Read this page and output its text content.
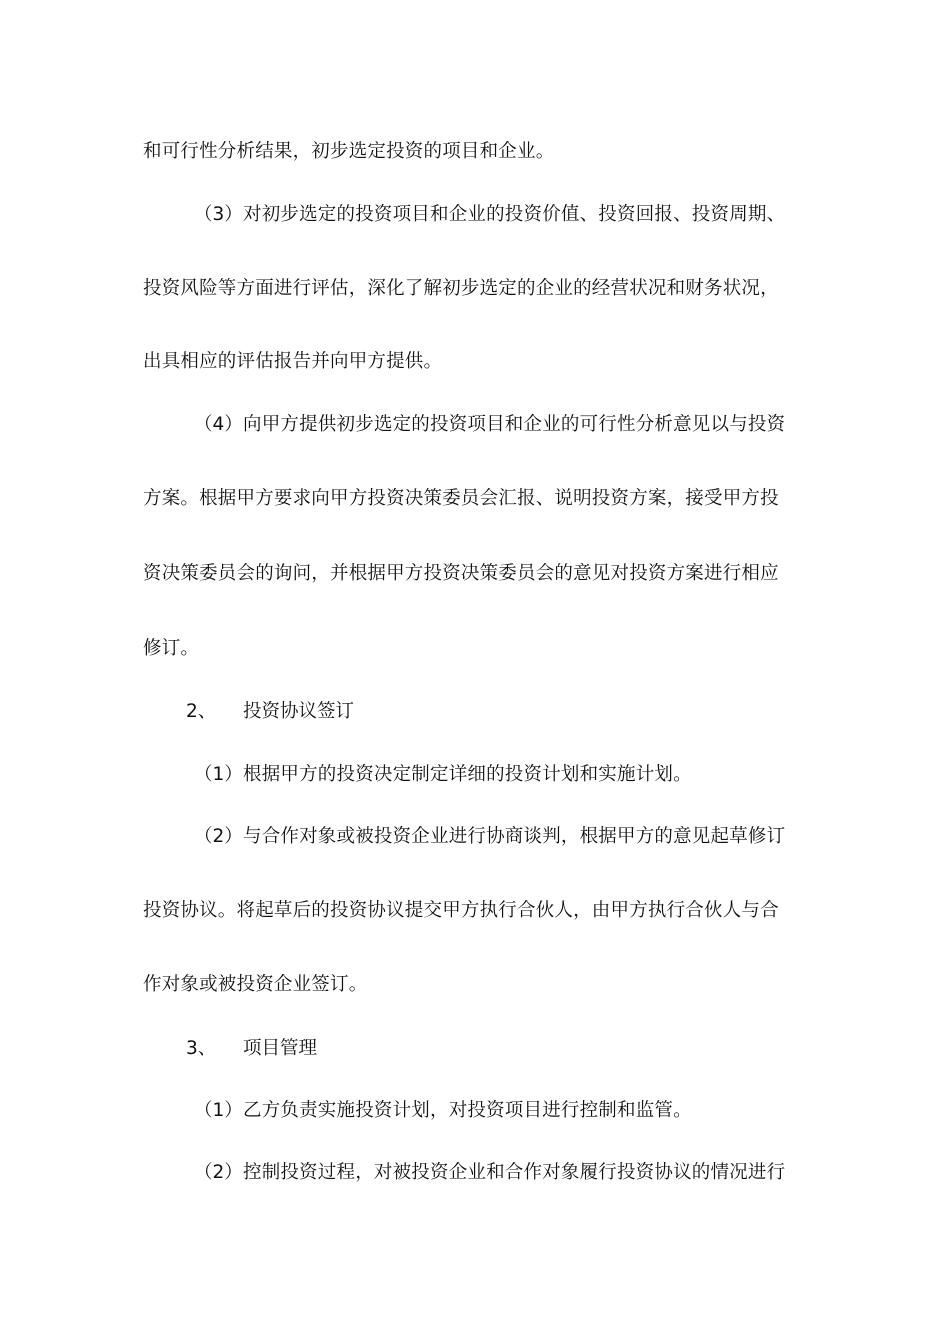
和可行性分析结果，初步选定投资的项目和企业。
（3） 对初步选定的投资项目和企业的投资价值、投资回报、投资周期、
投资风险等方面进行评估，深化了解初步选定的企业的经营状况和财务状况，
出具相应的评估报告并向甲方提供。
（4） 向甲方提供初步选定的投资项目和企业的可行性分析意见以与投资
方案。根据甲方要求向甲方投资决策委员会汇报、说明投资方案，接受甲方投
资决策委员会的询问，并根据甲方投资决策委员会的意见对投资方案进行相应
修订。
2、 投资协议签订
（1） 根据甲方的投资决定制定详细的投资计划和实施计划。
（2） 与合作对象或被投资企业进行协商谈判，根据甲方的意见起草修订
投资协议。将起草后的投资协议提交甲方执行合伙人，由甲方执行合伙人与合
作对象或被投资企业签订。
3、 项目管理
（1） 乙方负责实施投资计划，对投资项目进行控制和监管。
（2） 控制投资过程，对被投资企业和合作对象履行投资协议的情况进行
